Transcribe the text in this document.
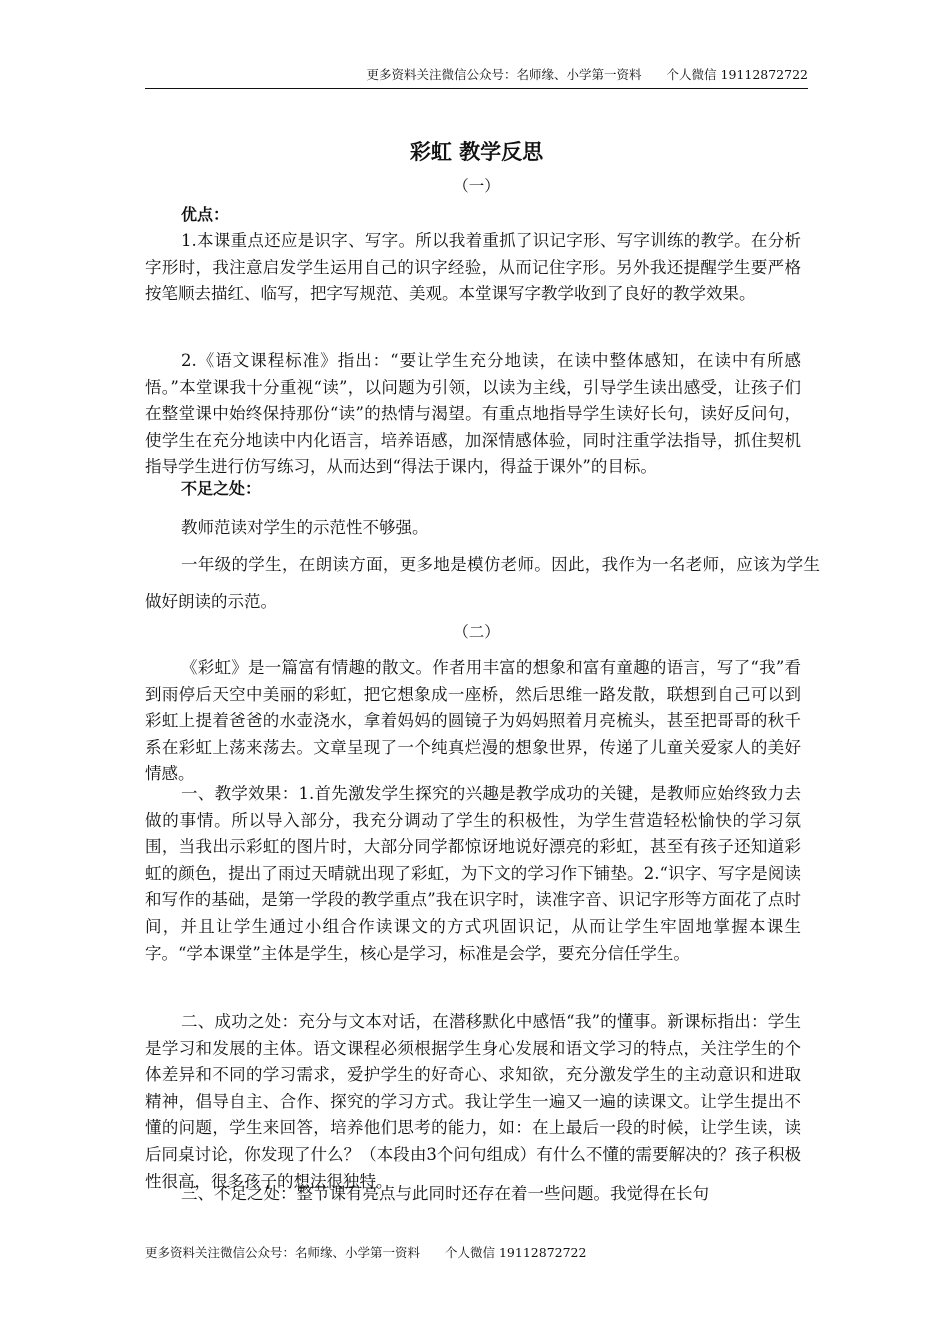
更多资料关注微信公众号：名师缘、小学第一资料　　个人微信 19112872722
彩虹 教学反思
（一）
优点：

1.本课重点还应是识字、写字。所以我着重抓了识记字形、写字训练的教学。在分析字形时，我注意启发学生运用自己的识字经验，从而记住字形。另外我还提醒学生要严格按笔顺去描红、临写，把字写规范、美观。本堂课写字教学收到了良好的教学效果。

2.《语文课程标准》指出：“要让学生充分地读，在读中整体感知，在读中有所感悟。”本堂课我十分重视“读”，以问题为引领，以读为主线，引导学生读出感受，让孩子们在整堂课中始终保持那份“读”的热情与渴望。有重点地指导学生读好长句，读好反问句，使学生在充分地读中内化语言，培养语感，加深情感体验，同时注重学法指导，抓住契机指导学生进行仿写练习，从而达到“得法于课内，得益于课外”的目标。

不足之处：

教师范读对学生的示范性不够强。

一年级的学生，在朗读方面，更多地是模仿老师。因此，我作为一名老师，应该为学生做好朗读的示范。

（二）

《彩虹》是一篇富有情趣的散文。作者用丰富的想象和富有童趣的语言，写了“我”看到雨停后天空中美丽的彩虹，把它想象成一座桥，然后思维一路发散，联想到自己可以到彩虹上提着爸爸的水壶浇水，拿着妈妈的圆镜子为妈妈照着月亮梳头，甚至把哥哥的秋千系在彩虹上荡来荡去。文章呈现了一个纯真烂漫的想象世界，传递了儿童关爱家人的美好情感。

一、教学效果：1.首先激发学生探究的兴趣是教学成功的关键，是教师应始终致力去做的事情。所以导入部分，我充分调动了学生的积极性，为学生营造轻松愉快的学习氛围，当我出示彩虹的图片时，大部分同学都惊讶地说好漂亮的彩虹，甚至有孩子还知道彩虹的颜色，提出了雨过天晴就出现了彩虹，为下文的学习作下铺垫。2.“识字、写字是阅读和写作的基础，是第一学段的教学重点”我在识字时，读准字音、识记字形等方面花了点时间，并且让学生通过小组合作读课文的方式巩固识记，从而让学生牢固地掌握本课生字。“学本课堂”主体是学生，核心是学习，标准是会学，要充分信任学生。

二、成功之处：充分与文本对话，在潜移默化中感悟“我”的懂事。新课标指出：学生是学习和发展的主体。语文课程必须根据学生身心发展和语文学习的特点，关注学生的个体差异和不同的学习需求，爱护学生的好奇心、求知欲，充分激发学生的主动意识和进取精神，倡导自主、合作、探究的学习方式。我让学生一遍又一遍的读课文。让学生提出不懂的问题，学生来回答，培养他们思考的能力，如：在上最后一段的时候，让学生读，读后同桌讨论，你发现了什么？（本段由3个问句组成）有什么不懂的需要解决的？孩子积极性很高，很多孩子的想法很独特。

三、不足之处：整节课有亮点与此同时还存在着一些问题。我觉得在长句

更多资料关注微信公众号：名师缘、小学第一资料　　个人微信 19112872722
